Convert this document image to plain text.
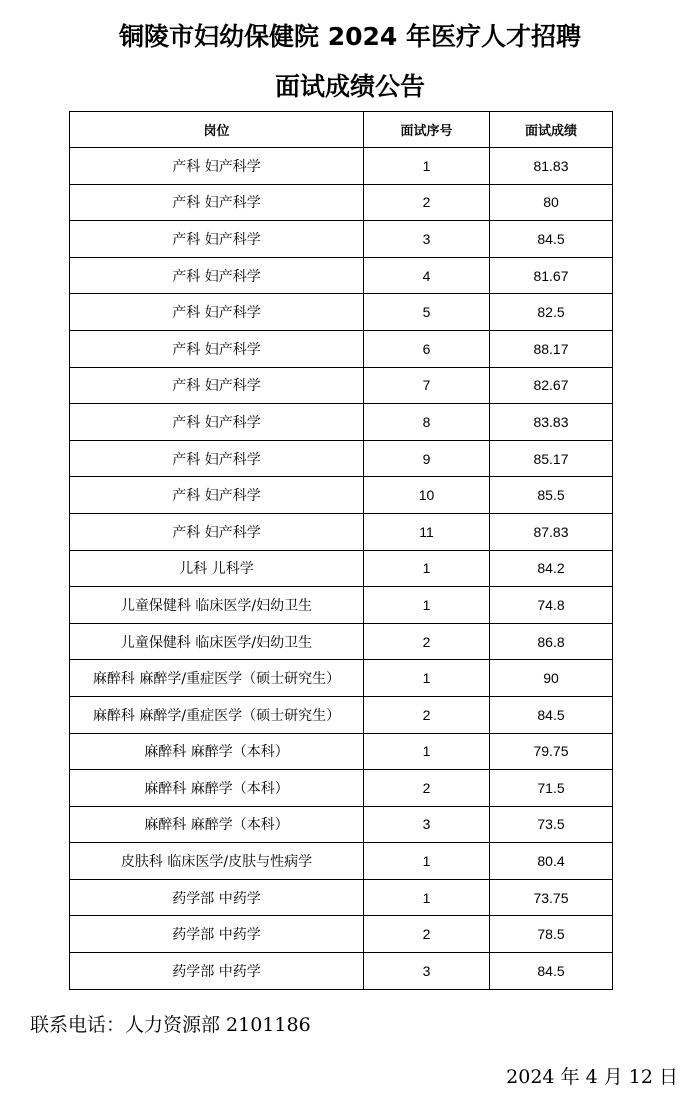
铜陵市妇幼保健院 2024 年医疗人才招聘
面试成绩公告
岗位	面试序号	面试成绩
产科 妇产科学	1	81.83
产科 妇产科学	2	80
产科 妇产科学	3	84.5
产科 妇产科学	4	81.67
产科 妇产科学	5	82.5
产科 妇产科学	6	88.17
产科 妇产科学	7	82.67
产科 妇产科学	8	83.83
产科 妇产科学	9	85.17
产科 妇产科学	10	85.5
产科 妇产科学	11	87.83
儿科 儿科学	1	84.2
儿童保健科 临床医学/妇幼卫生	1	74.8
儿童保健科 临床医学/妇幼卫生	2	86.8
麻醉科 麻醉学/重症医学（硕士研究生）	1	90
麻醉科 麻醉学/重症医学（硕士研究生）	2	84.5
麻醉科 麻醉学（本科）	1	79.75
麻醉科 麻醉学（本科）	2	71.5
麻醉科 麻醉学（本科）	3	73.5
皮肤科 临床医学/皮肤与性病学	1	80.4
药学部 中药学	1	73.75
药学部 中药学	2	78.5
药学部 中药学	3	84.5

联系电话：人力资源部 2101186

2024 年 4 月 12 日
